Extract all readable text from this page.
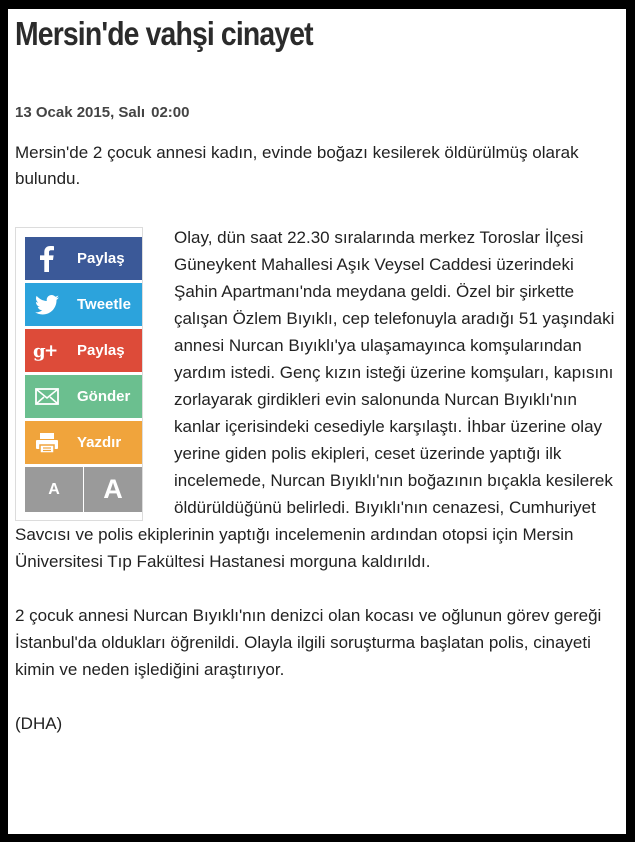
Mersin'de vahşi cinayet
13 Ocak 2015, Salı 02:00

Mersin'de 2 çocuk annesi kadın, evinde boğazı kesilerek öldürülmüş olarak bulundu.

Paylaş
Tweetle
g
+	Paylaş
Gönder
Yazdır
A	A

Olay, dün saat 22.30 sıralarında merkez Toroslar İlçesi Güneykent Mahallesi Aşık Veysel Caddesi üzerindeki Şahin Apartmanı'nda meydana geldi. Özel bir şirkette çalışan Özlem Bıyıklı, cep telefonuyla aradığı 51 yaşındaki annesi Nurcan Bıyıklı'ya ulaşamayınca komşularından yardım istedi. Genç kızın isteği üzerine komşuları, kapısını zorlayarak girdikleri evin salonunda Nurcan Bıyıklı'nın kanlar içerisindeki cesediyle karşılaştı. İhbar üzerine olay yerine giden polis ekipleri, ceset üzerinde yaptığı ilk incelemede, Nurcan Bıyıklı'nın boğazının bıçakla kesilerek öldürüldüğünü belirledi. Bıyıklı'nın cenazesi, Cumhuriyet Savcısı ve polis ekiplerinin yaptığı incelemenin ardından otopsi için Mersin Üniversitesi Tıp Fakültesi Hastanesi morguna kaldırıldı.

2 çocuk annesi Nurcan Bıyıklı'nın denizci olan kocası ve oğlunun görev gereği İstanbul'da oldukları öğrenildi. Olayla ilgili soruşturma başlatan polis, cinayeti kimin ve neden işlediğini araştırıyor.

(DHA)
